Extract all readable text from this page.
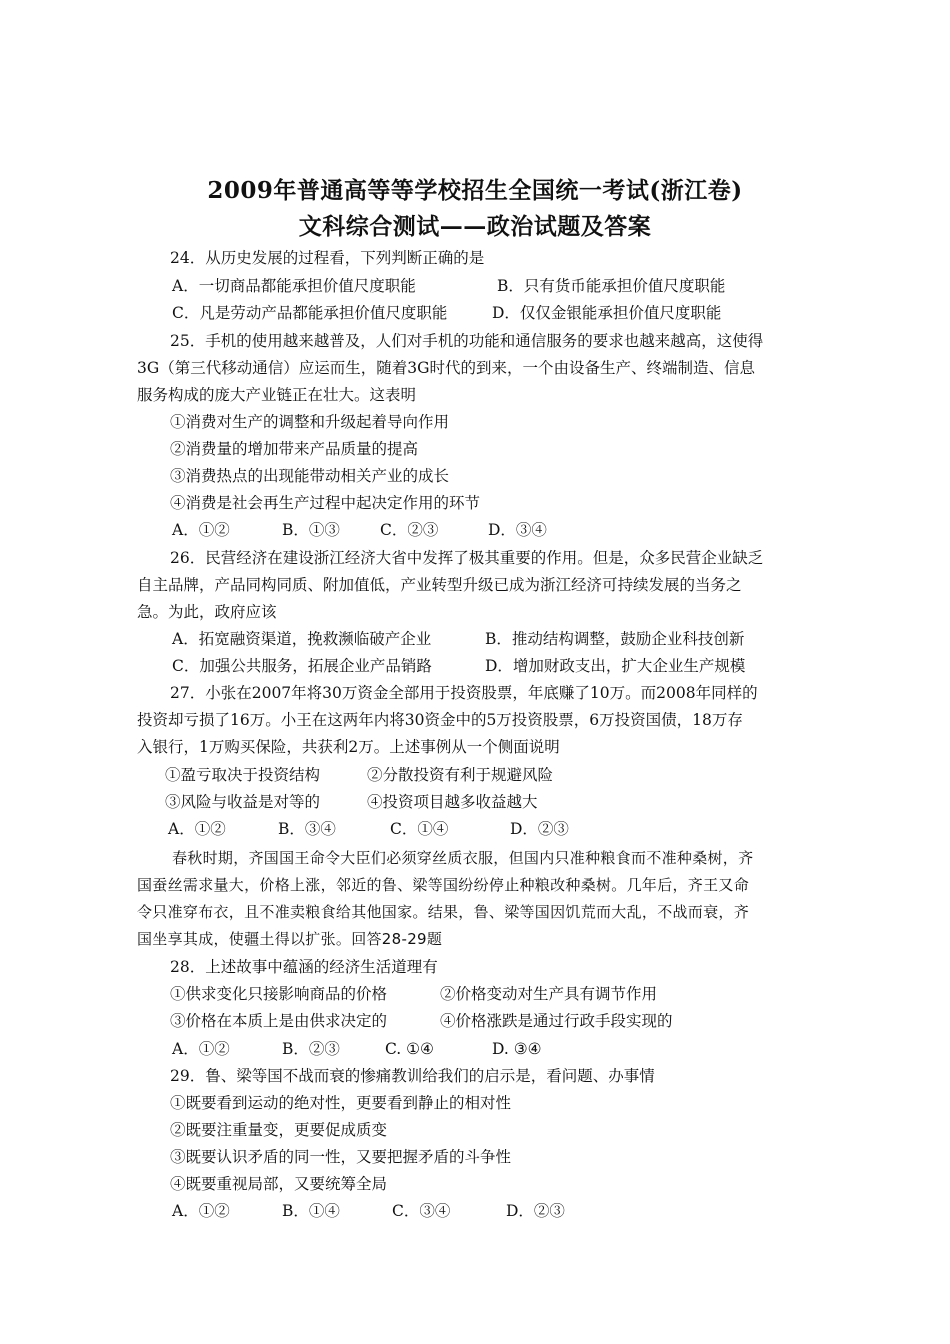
2009年普通高等等学校招生全国统一考试(浙江卷)
文科综合测试——政治试题及答案
24．从历史发展的过程看，下列判断正确的是
A．一切商品都能承担价值尺度职能	B．只有货币能承担价值尺度职能
C．凡是劳动产品都能承担价值尺度职能	D．仅仅金银能承担价值尺度职能
25．手机的使用越来越普及，人们对手机的功能和通信服务的要求也越来越高，这使得
3G（第三代移动通信）应运而生，随着3G时代的到来，一个由设备生产、终端制造、信息
服务构成的庞大产业链正在壮大。这表明
①消费对生产的调整和升级起着导向作用
②消费量的增加带来产品质量的提高
③消费热点的出现能带动相关产业的成长
④消费是社会再生产过程中起决定作用的环节
A．①②	B．①③	C．②③	D．③④
26．民营经济在建设浙江经济大省中发挥了极其重要的作用。但是，众多民营企业缺乏
自主品牌，产品同构同质、附加值低，产业转型升级已成为浙江经济可持续发展的当务之
急。为此，政府应该
A．拓宽融资渠道，挽救濒临破产企业	B．推动结构调整，鼓励企业科技创新
C．加强公共服务，拓展企业产品销路	D．增加财政支出，扩大企业生产规模
27．小张在2007年将30万资金全部用于投资股票，年底赚了10万。而2008年同样的
投资却亏损了16万。小王在这两年内将30资金中的5万投资股票，6万投资国债，18万存
入银行，1万购买保险，共获利2万。上述事例从一个侧面说明
①盈亏取决于投资结构	②分散投资有利于规避风险
③风险与收益是对等的	④投资项目越多收益越大
A．①②	B．③④	C．①④	D．②③
春秋时期，齐国国王命令大臣们必须穿丝质衣服，但国内只准种粮食而不准种桑树，齐
国蚕丝需求量大，价格上涨，邻近的鲁、梁等国纷纷停止种粮改种桑树。几年后，齐王又命
令只准穿布衣，且不准卖粮食给其他国家。结果，鲁、梁等国因饥荒而大乱，不战而衰，齐
国坐享其成，使疆土得以扩张。回答28-29题
28．上述故事中蕴涵的经济生活道理有
①供求变化只接影响商品的价格	②价格变动对生产具有调节作用
③价格在本质上是由供求决定的	④价格涨跌是通过行政手段实现的
A．①②	B．②③	C. ①④	D. ③④
29．鲁、梁等国不战而衰的惨痛教训给我们的启示是，看问题、办事情
①既要看到运动的绝对性，更要看到静止的相对性
②既要注重量变，更要促成质变
③既要认识矛盾的同一性，又要把握矛盾的斗争性
④既要重视局部，又要统筹全局
A．①②	B．①④	C．③④	D．②③
